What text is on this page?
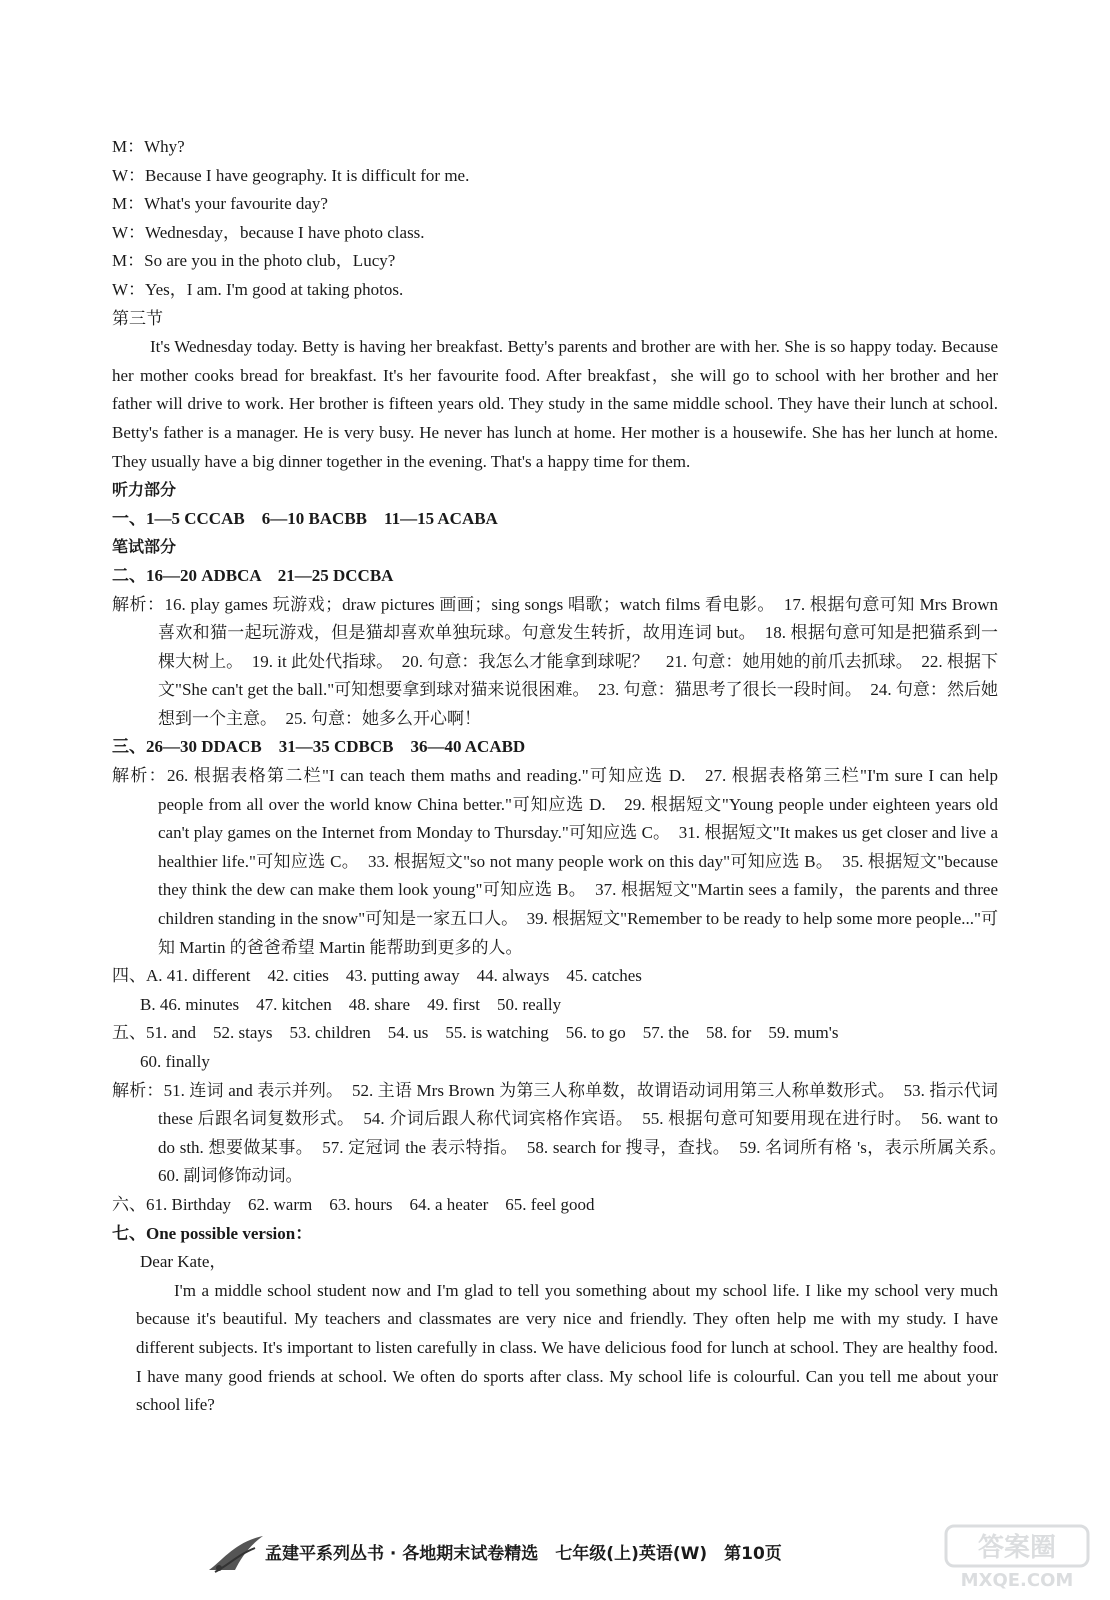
M：Why?

W：Because I have geography. It is difficult for me.

M：What's your favourite day?

W：Wednesday，because I have photo class.

M：So are you in the photo club，Lucy?

W：Yes，I am. I'm good at taking photos.

第三节

It's Wednesday today. Betty is having her breakfast. Betty's parents and brother are with her. She is so happy today. Because her mother cooks bread for breakfast. It's her favourite food. After breakfast，she will go to school with her brother and her father will drive to work. Her brother is fifteen years old. They study in the same middle school. They have their lunch at school. Betty's father is a manager. He is very busy. He never has lunch at home. Her mother is a housewife. She has her lunch at home. They usually have a big dinner together in the evening. That's a happy time for them.

听力部分

一、1—5 CCCAB　6—10 BACBB　11—15 ACABA

笔试部分

二、16—20 ADBCA　21—25 DCCBA

解析：16. play games 玩游戏；draw pictures 画画；sing songs 唱歌；watch films 看电影。　17. 根据句意可知 Mrs Brown 喜欢和猫一起玩游戏，但是猫却喜欢单独玩球。句意发生转折，故用连词 but。　18. 根据句意可知是把猫系到一棵大树上。　19. it 此处代指球。　20. 句意：我怎么才能拿到球呢？　21. 句意：她用她的前爪去抓球。　22. 根据下文"She can't get the ball."可知想要拿到球对猫来说很困难。　23. 句意：猫思考了很长一段时间。　24. 句意：然后她想到一个主意。　25. 句意：她多么开心啊！

三、26—30 DDACB　31—35 CDBCB　36—40 ACABD

解析：26. 根据表格第二栏"I can teach them maths and reading."可知应选 D.　27. 根据表格第三栏"I'm sure I can help people from all over the world know China better."可知应选 D.　29. 根据短文"Young people under eighteen years old can't play games on the Internet from Monday to Thursday."可知应选 C。　31. 根据短文"It makes us get closer and live a healthier life."可知应选 C。　33. 根据短文"so not many people work on this day"可知应选 B。　35. 根据短文"because they think the dew can make them look young"可知应选 B。　37. 根据短文"Martin sees a family，the parents and three children standing in the snow"可知是一家五口人。　39. 根据短文"Remember to be ready to help some more people..."可知 Martin 的爸爸希望 Martin 能帮助到更多的人。

四、A. 41. different　42. cities　43. putting away　44. always　45. catches

B. 46. minutes　47. kitchen　48. share　49. first　50. really

五、51. and　52. stays　53. children　54. us　55. is watching　56. to go　57. the　58. for　59. mum's

60. finally

解析：51. 连词 and 表示并列。　52. 主语 Mrs Brown 为第三人称单数，故谓语动词用第三人称单数形式。　53. 指示代词 these 后跟名词复数形式。　54. 介词后跟人称代词宾格作宾语。　55. 根据句意可知要用现在进行时。　56. want to do sth. 想要做某事。　57. 定冠词 the 表示特指。　58. search for 搜寻，查找。　59. 名词所有格 's，表示所属关系。　60. 副词修饰动词。

六、61. Birthday　62. warm　63. hours　64. a heater　65. feel good

七、One possible version：

Dear Kate，

I'm a middle school student now and I'm glad to tell you something about my school life. I like my school very much because it's beautiful. My teachers and classmates are very nice and friendly. They often help me with my study. I have different subjects. It's important to listen carefully in class. We have delicious food for lunch at school. They are healthy food. I have many good friends at school. We often do sports after class. My school life is colourful. Can you tell me about your school life?

孟建平系列丛书 · 各地期末试卷精选　七年级(上)英语(W)　第10页	答案圈
MXQE.COM
